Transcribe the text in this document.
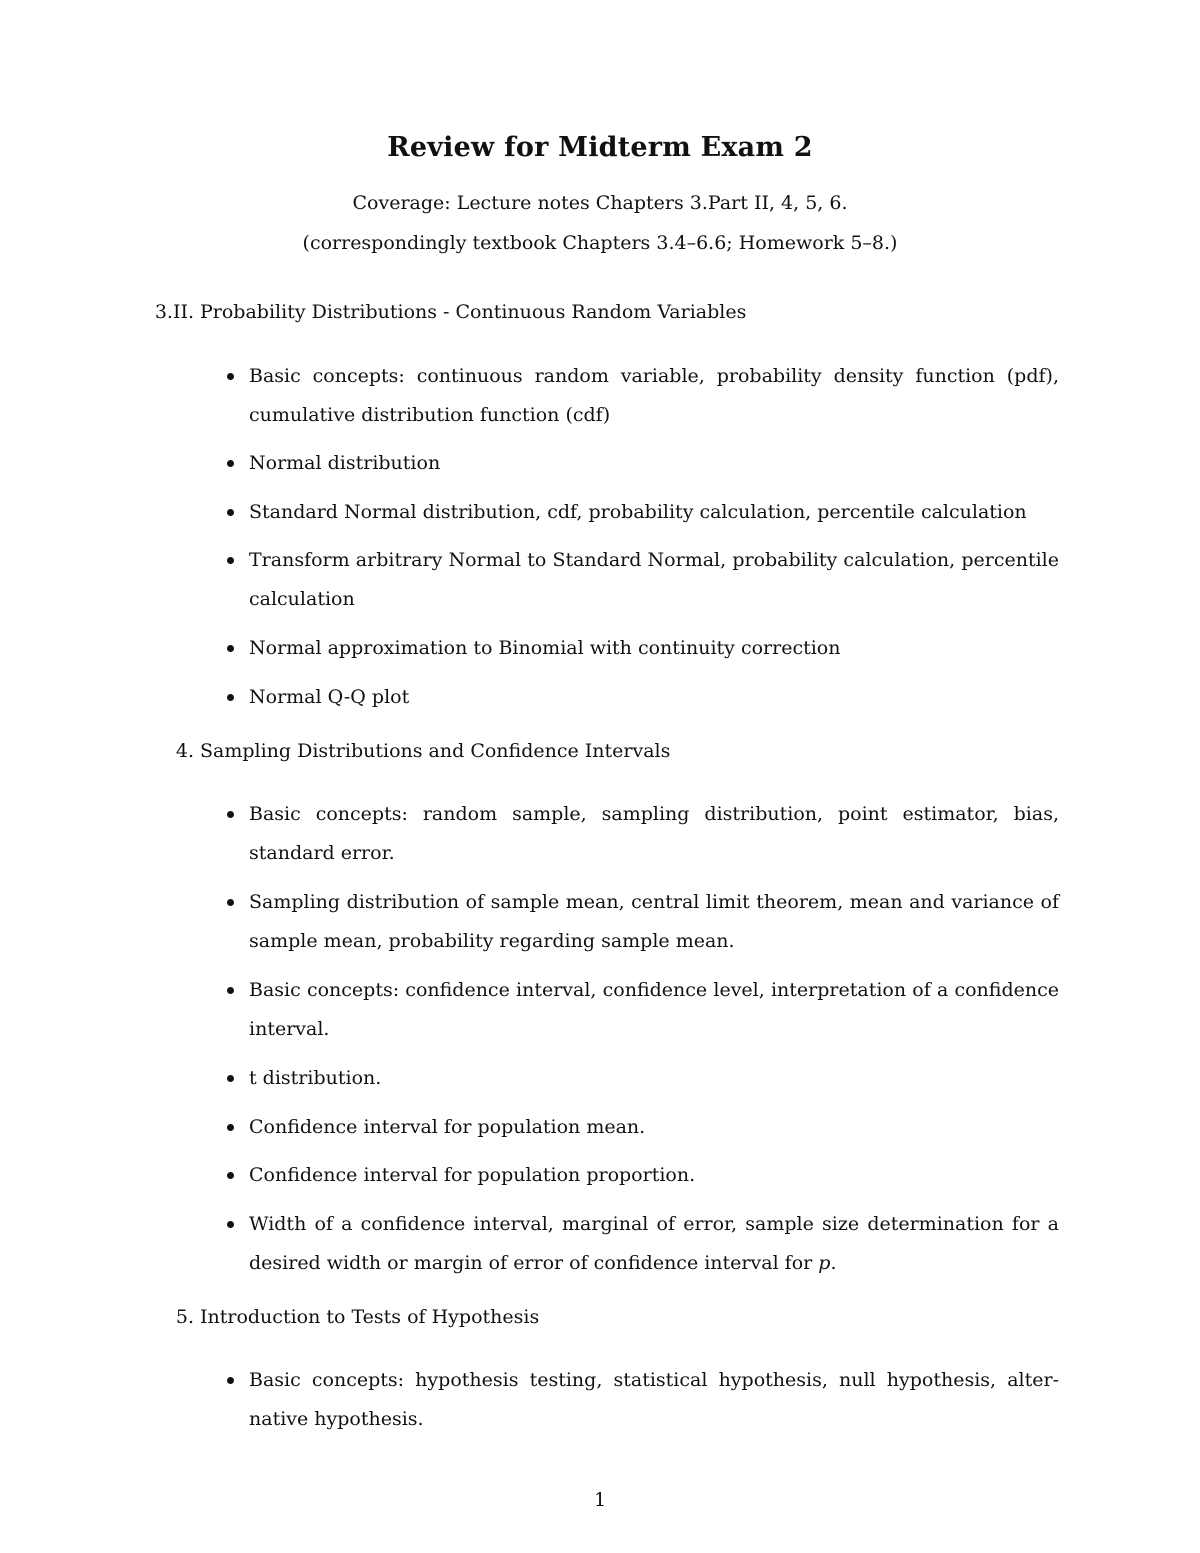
Review for Midterm Exam 2
Coverage: Lecture notes Chapters 3.Part II, 4, 5, 6.
(correspondingly textbook Chapters 3.4–6.6; Homework 5–8.)
3.II. Probability Distributions - Continuous Random Variables
Basic concepts: continuous random variable, probability density function (pdf), cumulative distribution function (cdf)
Normal distribution
Standard Normal distribution, cdf, probability calculation, percentile calculation
Transform arbitrary Normal to Standard Normal, probability calculation, percentile calculation
Normal approximation to Binomial with continuity correction
Normal Q-Q plot
4. Sampling Distributions and Confidence Intervals
Basic concepts: random sample, sampling distribution, point estimator, bias, standard error.
Sampling distribution of sample mean, central limit theorem, mean and variance of sample mean, probability regarding sample mean.
Basic concepts: confidence interval, confidence level, interpretation of a confidence interval.
t distribution.
Confidence interval for population mean.
Confidence interval for population proportion.
Width of a confidence interval, marginal of error, sample size determination for a desired width or margin of error of confidence interval for p.
5. Introduction to Tests of Hypothesis
Basic concepts: hypothesis testing, statistical hypothesis, null hypothesis, alternative hypothesis.
1
